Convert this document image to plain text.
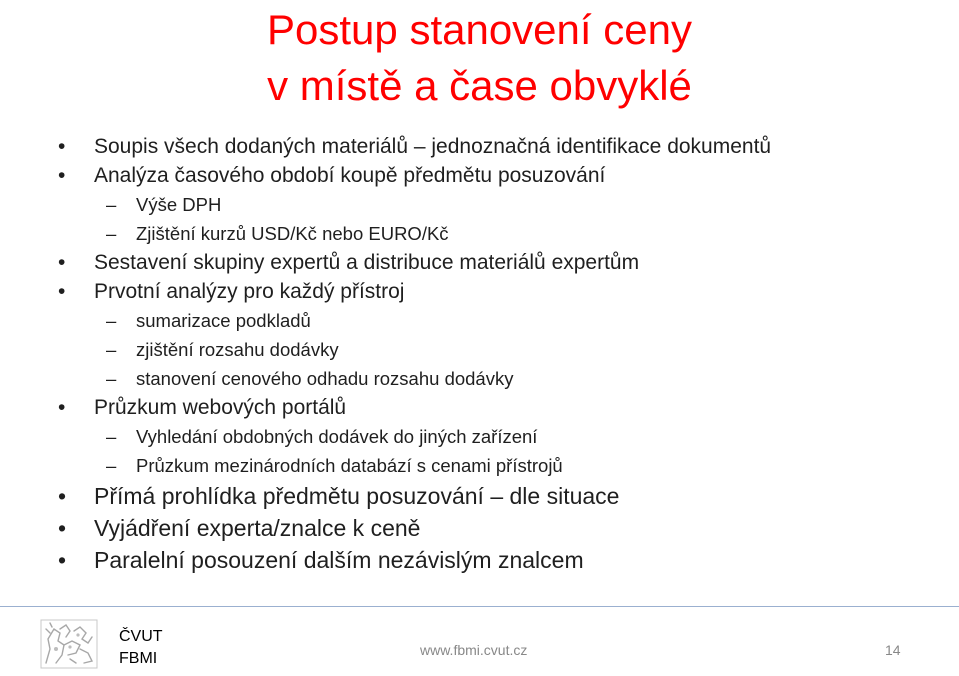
Postup stanovení ceny
v místě a čase obvyklé
•	Soupis všech dodaných materiálů – jednoznačná identifikace dokumentů
•	Analýza časového období koupě předmětu posuzování
–	Výše DPH
–	Zjištění kurzů USD/Kč nebo EURO/Kč
•	Sestavení skupiny expertů a distribuce materiálů expertům
•	Prvotní analýzy pro každý přístroj
–	sumarizace podkladů
–	zjištění rozsahu dodávky
–	stanovení cenového odhadu rozsahu dodávky
•	Průzkum webových portálů
–	Vyhledání obdobných dodávek do jiných zařízení
–	Průzkum mezinárodních databází s cenami přístrojů
•	Přímá prohlídka předmětu posuzování – dle situace
•	Vyjádření experta/znalce k ceně
•	Paralelní posouzení dalším nezávislým znalcem
ČVUT
FBMI	www.fbmi.cvut.cz	14
